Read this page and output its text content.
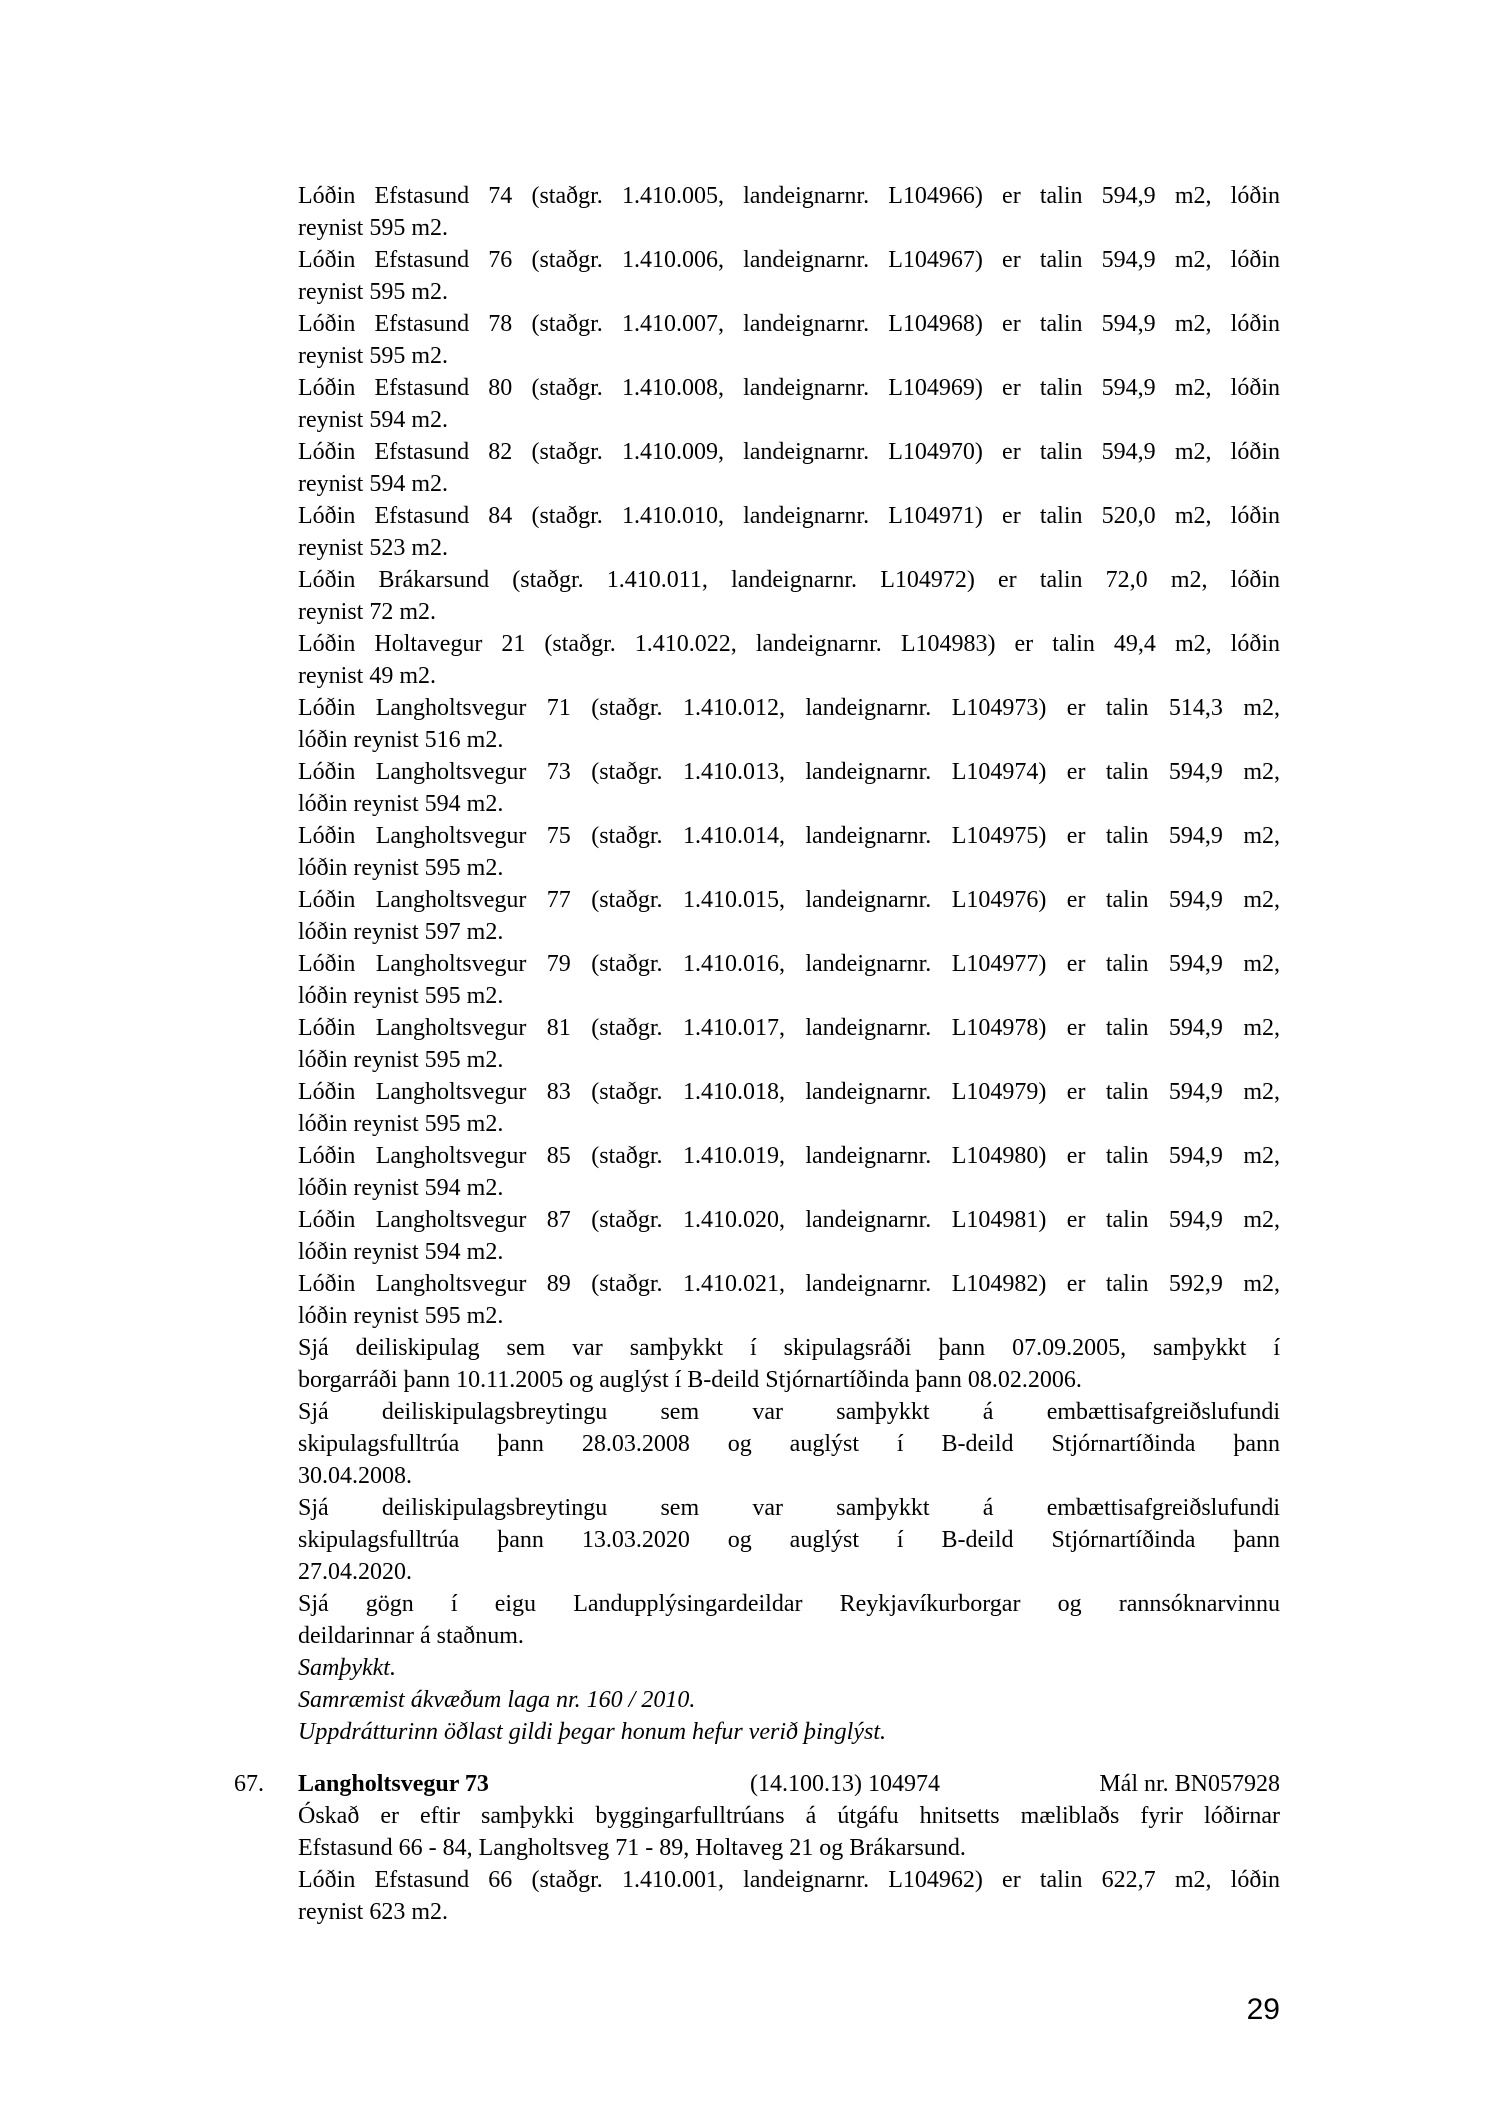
Lóðin Efstasund 74 (staðgr. 1.410.005, landeignarnr. L104966) er talin 594,9 m2, lóðin
reynist 595 m2.
Lóðin Efstasund 76 (staðgr. 1.410.006, landeignarnr. L104967) er talin 594,9 m2, lóðin
reynist 595 m2.
Lóðin Efstasund 78 (staðgr. 1.410.007, landeignarnr. L104968) er talin 594,9 m2, lóðin
reynist 595 m2.
Lóðin Efstasund 80 (staðgr. 1.410.008, landeignarnr. L104969) er talin 594,9 m2, lóðin
reynist 594 m2.
Lóðin Efstasund 82 (staðgr. 1.410.009, landeignarnr. L104970) er talin 594,9 m2, lóðin
reynist 594 m2.
Lóðin Efstasund 84 (staðgr. 1.410.010, landeignarnr. L104971) er talin 520,0 m2, lóðin
reynist 523 m2.
Lóðin Brákarsund (staðgr. 1.410.011, landeignarnr. L104972) er talin 72,0 m2, lóðin
reynist 72 m2.
Lóðin Holtavegur 21 (staðgr. 1.410.022, landeignarnr. L104983) er talin 49,4 m2, lóðin
reynist 49 m2.
Lóðin Langholtsvegur 71 (staðgr. 1.410.012, landeignarnr. L104973) er talin 514,3 m2,
lóðin reynist 516 m2.
Lóðin Langholtsvegur 73 (staðgr. 1.410.013, landeignarnr. L104974) er talin 594,9 m2,
lóðin reynist 594 m2.
Lóðin Langholtsvegur 75 (staðgr. 1.410.014, landeignarnr. L104975) er talin 594,9 m2,
lóðin reynist 595 m2.
Lóðin Langholtsvegur 77 (staðgr. 1.410.015, landeignarnr. L104976) er talin 594,9 m2,
lóðin reynist 597 m2.
Lóðin Langholtsvegur 79 (staðgr. 1.410.016, landeignarnr. L104977) er talin 594,9 m2,
lóðin reynist 595 m2.
Lóðin Langholtsvegur 81 (staðgr. 1.410.017, landeignarnr. L104978) er talin 594,9 m2,
lóðin reynist 595 m2.
Lóðin Langholtsvegur 83 (staðgr. 1.410.018, landeignarnr. L104979) er talin 594,9 m2,
lóðin reynist 595 m2.
Lóðin Langholtsvegur 85 (staðgr. 1.410.019, landeignarnr. L104980) er talin 594,9 m2,
lóðin reynist 594 m2.
Lóðin Langholtsvegur 87 (staðgr. 1.410.020, landeignarnr. L104981) er talin 594,9 m2,
lóðin reynist 594 m2.
Lóðin Langholtsvegur 89 (staðgr. 1.410.021, landeignarnr. L104982) er talin 592,9 m2,
lóðin reynist 595 m2.
Sjá deiliskipulag sem var samþykkt í skipulagsráði þann 07.09.2005, samþykkt í
borgarráði þann 10.11.2005 og auglýst í B-deild Stjórnartíðinda þann 08.02.2006.
Sjá deiliskipulagsbreytingu sem var samþykkt á embættisafgreiðslufundi
skipulagsfulltrúa þann 28.03.2008 og auglýst í B-deild Stjórnartíðinda þann
30.04.2008.
Sjá deiliskipulagsbreytingu sem var samþykkt á embættisafgreiðslufundi
skipulagsfulltrúa þann 13.03.2020 og auglýst í B-deild Stjórnartíðinda þann
27.04.2020.
Sjá gögn í eigu Landupplýsingardeildar Reykjavíkurborgar og rannsóknarvinnu
deildarinnar á staðnum.
Samþykkt.
Samræmist ákvæðum laga nr. 160 / 2010.
Uppdrátturinn öðlast gildi þegar honum hefur verið þinglýst.
67.	Langholtsvegur 73	(14.100.13) 104974	Mál nr. BN057928
Óskað er eftir samþykki byggingarfulltrúans á útgáfu hnitsetts mæliblaðs fyrir lóðirnar
Efstasund 66 - 84, Langholtsveg 71 - 89, Holtaveg 21 og Brákarsund.
Lóðin Efstasund 66 (staðgr. 1.410.001, landeignarnr. L104962) er talin 622,7 m2, lóðin
reynist 623 m2.
29
